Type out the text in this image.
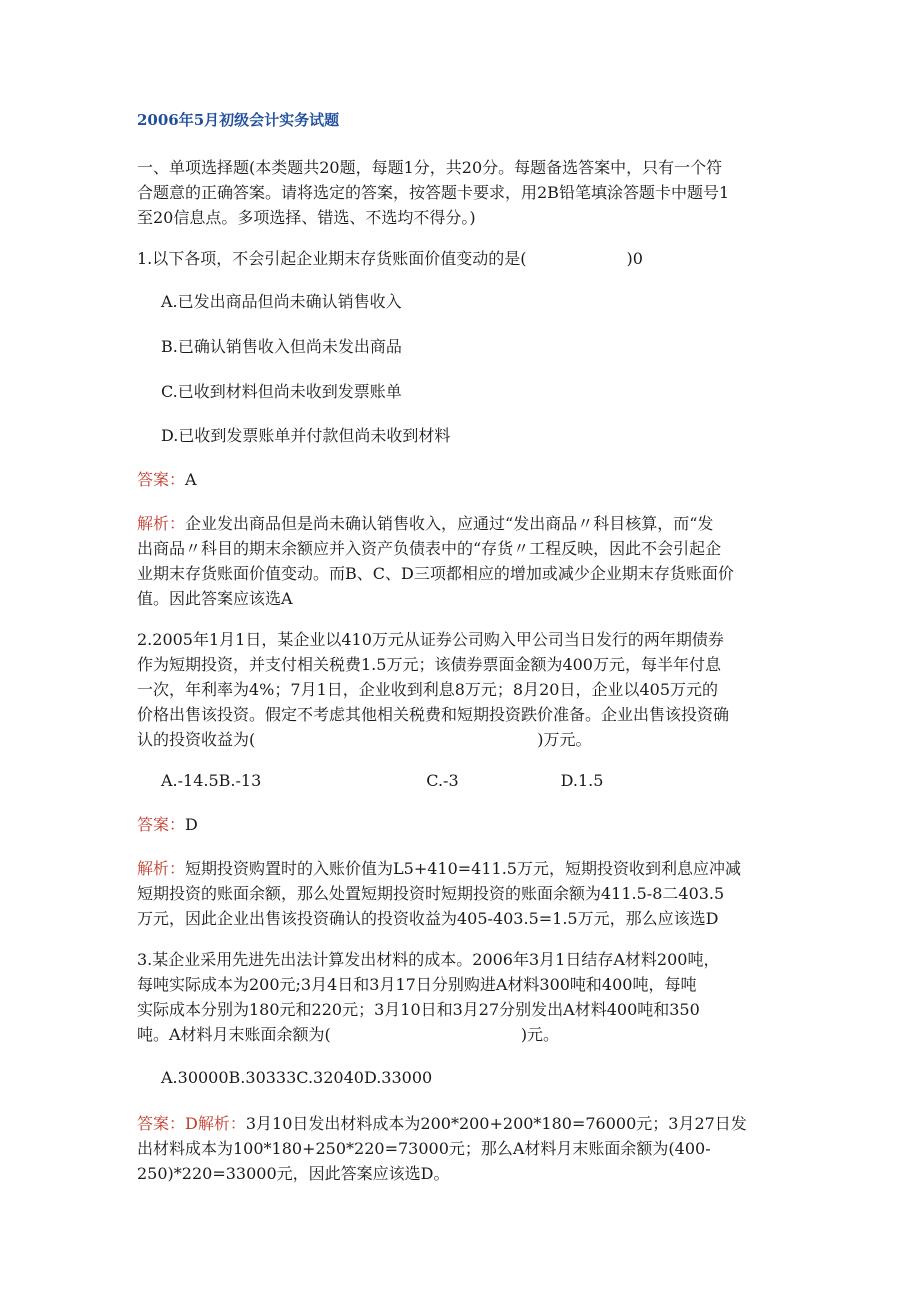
2006年5月初级会计实务试题
一、单项选择题(本类题共20题，每题1分，共20分。每题备选答案中，只有一个符
合题意的正确答案。请将选定的答案，按答题卡要求，用2B铅笔填涂答题卡中题号1
至20信息点。多项选择、错选、不选均不得分。)
1.以下各项，不会引起企业期末存货账面价值变动的是(	)0
A.已发出商品但尚未确认销售收入
B.已确认销售收入但尚未发出商品
C.已收到材料但尚未收到发票账单
D.已收到发票账单并付款但尚未收到材料
答案：A
解析：企业发出商品但是尚未确认销售收入，应通过“发出商品〃科目核算，而“发
出商品〃科目的期末余额应并入资产负债表中的“存货〃工程反映，因此不会引起企
业期末存货账面价值变动。而B、C、D三项都相应的增加或减少企业期末存货账面价
值。因此答案应该选A
2.2005年1月1日，某企业以410万元从证券公司购入甲公司当日发行的两年期债券
作为短期投资，并支付相关税费1.5万元；该债券票面金额为400万元，每半年付息
一次，年利率为4%；7月1日，企业收到利息8万元；8月20日，企业以405万元的
价格出售该投资。假定不考虑其他相关税费和短期投资跌价准备。企业出售该投资确
认的投资收益为(	)万元。
A.-14.5B.-13	C.-3	D.1.5
答案：D
解析：短期投资购置时的入账价值为L5+410=411.5万元，短期投资收到利息应冲减
短期投资的账面余额，那么处置短期投资时短期投资的账面余额为411.5-8二403.5
万元，因此企业出售该投资确认的投资收益为405-403.5=1.5万元，那么应该选D
3.某企业采用先进先出法计算发出材料的成本。2006年3月1日结存A材料200吨，
每吨实际成本为200元;3月4日和3月17日分别购进A材料300吨和400吨，每吨
实际成本分别为180元和220元；3月10日和3月27分别发出A材料400吨和350
吨。A材料月末账面余额为(	)元。
A.30000B.30333C.32040D.33000
答案：D解析：3月10日发出材料成本为200*200+200*180=76000元；3月27日发
出材料成本为100*180+250*220=73000元；那么A材料月末账面余额为(400-
250)*220=33000元，因此答案应该选D。
